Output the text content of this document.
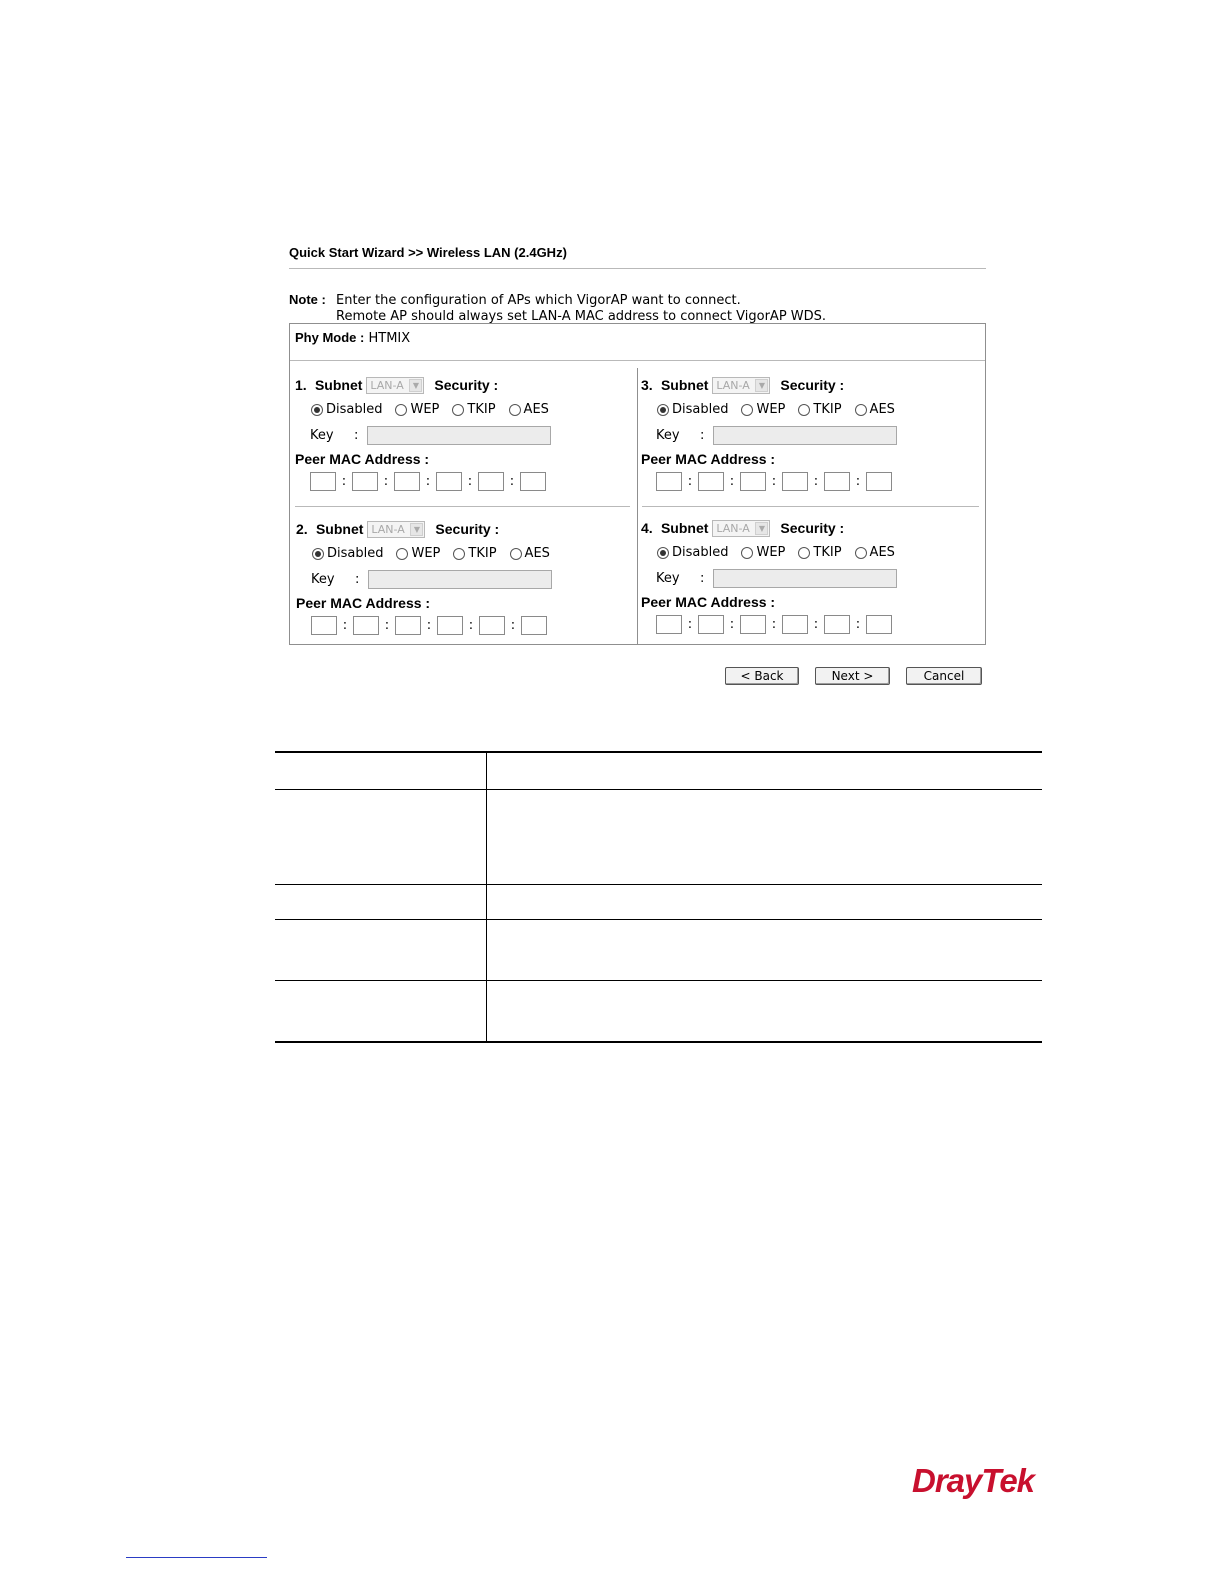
Quick Start Wizard >> Wireless LAN (2.4GHz)
Note : Enter the configuration of APs which VigorAP want to connect.
Remote AP should always set LAN-A MAC address to connect VigorAP WDS.
Phy Mode : HTMIX
1.
Subnet LAN-A	▼ Security :
Disabled WEP TKIP AES
Key	:
Peer MAC Address :
:	:	:	:	:
2.
Subnet LAN-A	▼ Security :
Disabled WEP TKIP AES
Key	:
Peer MAC Address :
:	:	:	:	:
3.
Subnet LAN-A	▼ Security :
Disabled WEP TKIP AES
Key	:
Peer MAC Address :
:	:	:	:	:
4.
Subnet LAN-A	▼ Security :
Disabled WEP TKIP AES
Key	:
Peer MAC Address :
:	:	:	:	:
< Back	Next >	Cancel

DrayTek
